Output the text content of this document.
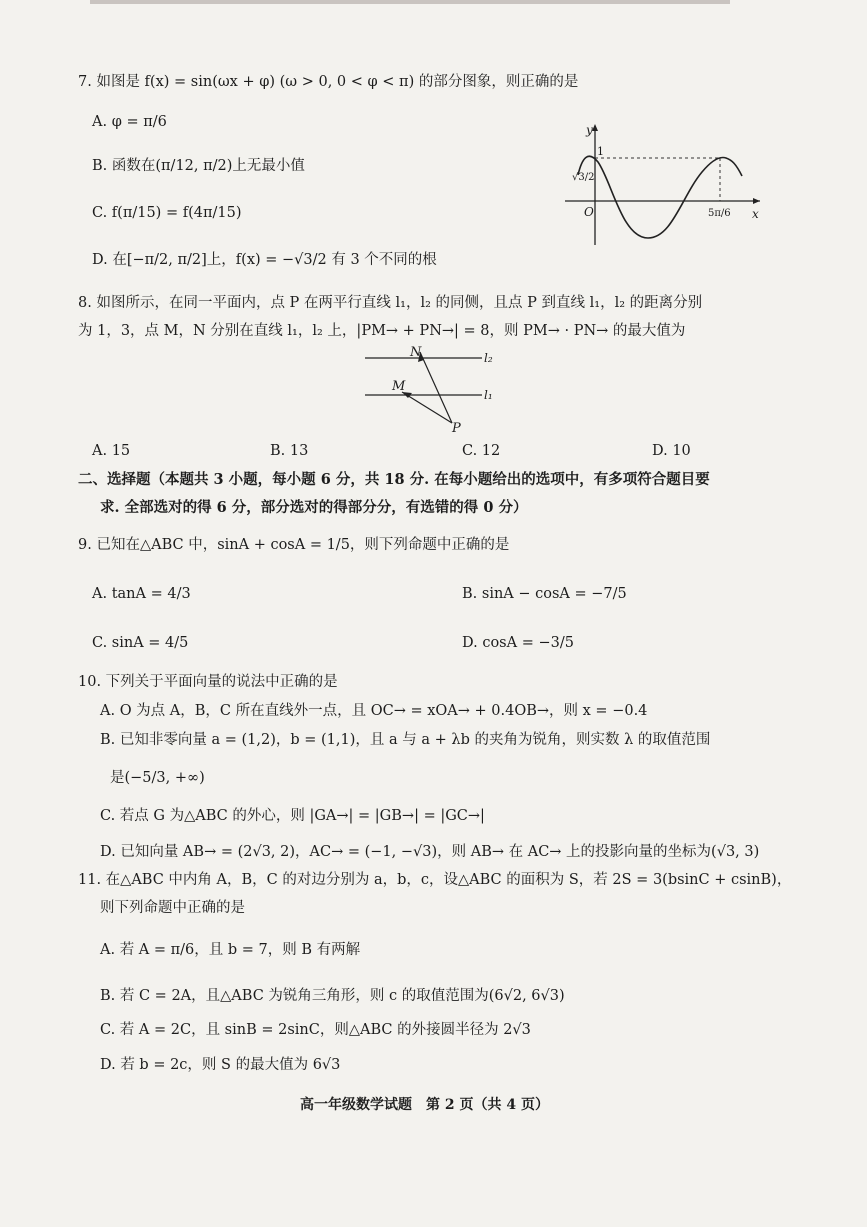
7. 如图是 f(x) = sin(ωx + φ) (ω > 0, 0 < φ < π) 的部分图象，则正确的是
A. φ = π/6
B. 函数在(π/12, π/2)上无最小值
C. f(π/15) = f(4π/15)
D. 在[−π/2, π/2]上，f(x) = −√3/2 有 3 个不同的根
y
x
1
√3/2
O	5π/6
8. 如图所示，在同一平面内，点 P 在两平行直线 l₁，l₂ 的同侧，且点 P 到直线 l₁，l₂ 的距离分别
为 1，3，点 M，N 分别在直线 l₁，l₂ 上，|PM→ + PN→| = 8，则 PM→ · PN→ 的最大值为
N
M
P
l₂
l₁
A. 15	B. 13	C. 12	D. 10
二、选择题（本题共 3 小题，每小题 6 分，共 18 分. 在每小题给出的选项中，有多项符合题目要
求. 全部选对的得 6 分，部分选对的得部分分，有选错的得 0 分）
9. 已知在△ABC 中，sinA + cosA = 1/5，则下列命题中正确的是
A. tanA = 4/3	B. sinA − cosA = −7/5
C. sinA = 4/5	D. cosA = −3/5
10. 下列关于平面向量的说法中正确的是
A. O 为点 A，B，C 所在直线外一点，且 OC→ = xOA→ + 0.4OB→，则 x = −0.4
B. 已知非零向量 a = (1,2)，b = (1,1)，且 a 与 a + λb 的夹角为锐角，则实数 λ 的取值范围
是(−5/3, +∞)
C. 若点 G 为△ABC 的外心，则 |GA→| = |GB→| = |GC→|
D. 已知向量 AB→ = (2√3, 2)，AC→ = (−1, −√3)，则 AB→ 在 AC→ 上的投影向量的坐标为(√3, 3)
11. 在△ABC 中内角 A，B，C 的对边分别为 a，b，c，设△ABC 的面积为 S，若 2S = 3(bsinC + csinB)，
则下列命题中正确的是
A. 若 A = π/6，且 b = 7，则 B 有两解
B. 若 C = 2A，且△ABC 为锐角三角形，则 c 的取值范围为(6√2, 6√3)
C. 若 A = 2C，且 sinB = 2sinC，则△ABC 的外接圆半径为 2√3
D. 若 b = 2c，则 S 的最大值为 6√3
高一年级数学试题　第 2 页（共 4 页）
